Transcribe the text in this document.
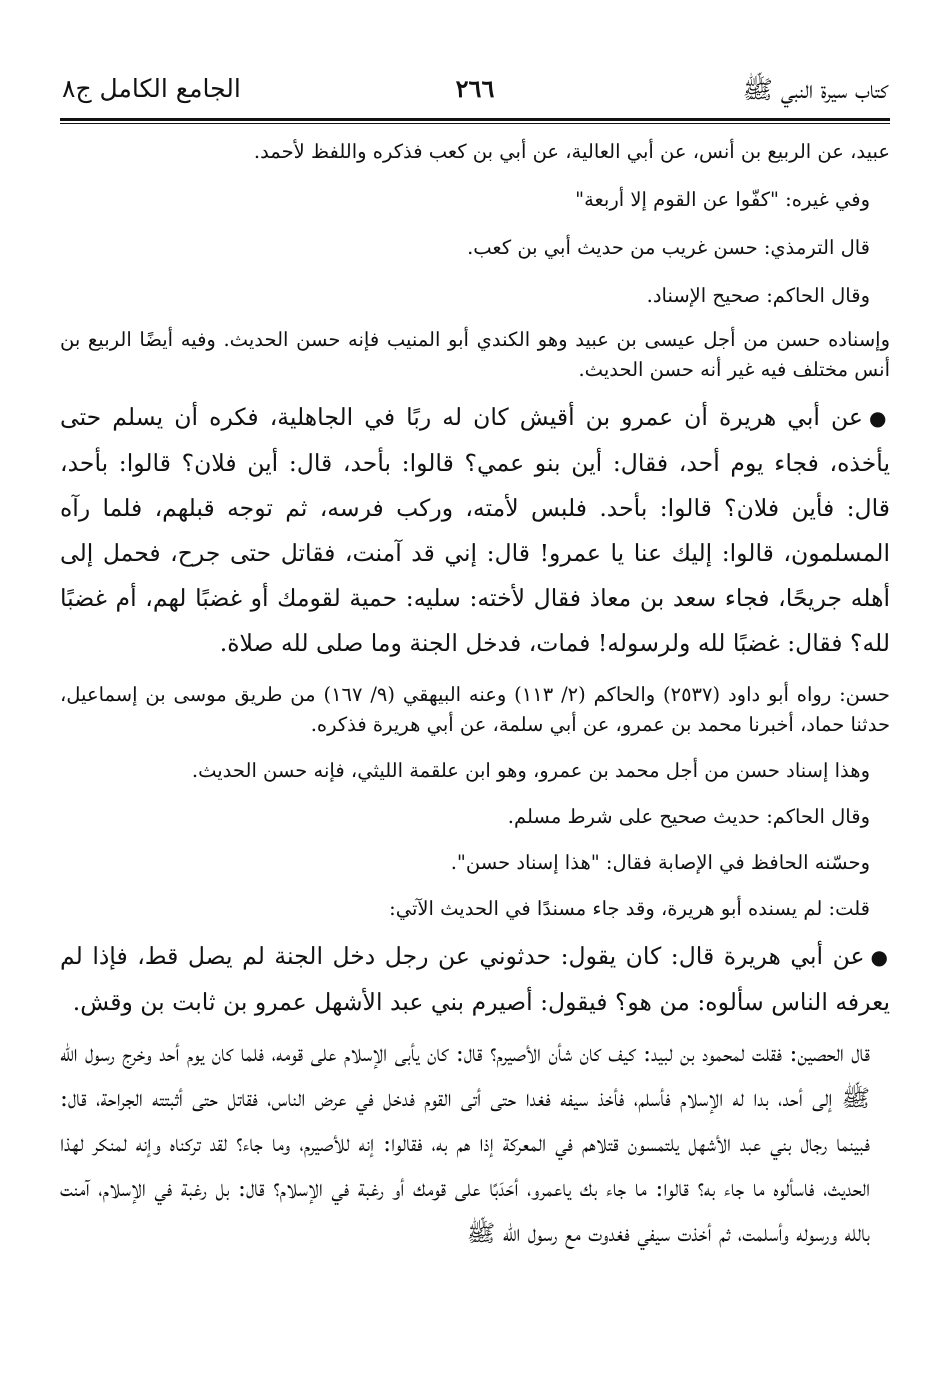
كتاب سيرة النبي ﷺ
٢٦٦
الجامع الكامل ج٨

عبيد، عن الربيع بن أنس، عن أبي العالية، عن أبي بن كعب فذكره واللفظ لأحمد.

وفي غيره: "كفّوا عن القوم إلا أربعة"

قال الترمذي: حسن غريب من حديث أبي بن كعب.

وقال الحاكم: صحيح الإسناد.

وإسناده حسن من أجل عيسى بن عبيد وهو الكندي أبو المنيب فإنه حسن الحديث. وفيه أيضًا الربيع بن أنس مختلف فيه غير أنه حسن الحديث.

●عن أبي هريرة أن عمرو بن أقيش كان له ربًا في الجاهلية، فكره أن يسلم حتى يأخذه، فجاء يوم أحد، فقال: أين بنو عمي؟ قالوا: بأحد، قال: أين فلان؟ قالوا: بأحد، قال: فأين فلان؟ قالوا: بأحد. فلبس لأمته، وركب فرسه، ثم توجه قبلهم، فلما رآه المسلمون، قالوا: إليك عنا يا عمرو! قال: إني قد آمنت، فقاتل حتى جرح، فحمل إلى أهله جريحًا، فجاء سعد بن معاذ فقال لأخته: سليه: حمية لقومك أو غضبًا لهم، أم غضبًا لله؟ فقال: غضبًا لله ولرسوله! فمات، فدخل الجنة وما صلى لله صلاة.

حسن: رواه أبو داود (٢٥٣٧) والحاكم (٢/ ١١٣) وعنه البيهقي (٩/ ١٦٧) من طريق موسى بن إسماعيل، حدثنا حماد، أخبرنا محمد بن عمرو، عن أبي سلمة، عن أبي هريرة فذكره.

وهذا إسناد حسن من أجل محمد بن عمرو، وهو ابن علقمة الليثي، فإنه حسن الحديث.

وقال الحاكم: حديث صحيح على شرط مسلم.

وحسّنه الحافظ في الإصابة فقال: "هذا إسناد حسن".

قلت: لم يسنده أبو هريرة، وقد جاء مسندًا في الحديث الآتي:

●عن أبي هريرة قال: كان يقول: حدثوني عن رجل دخل الجنة لم يصل قط، فإذا لم يعرفه الناس سألوه: من هو؟ فيقول: أصيرم بني عبد الأشهل عمرو بن ثابت بن وقش.

قال الحصين: فقلت لمحمود بن لبيد: كيف كان شأن الأصيرم؟ قال: كان يأبى الإسلام على قومه، فلما كان يوم أحد وخرج رسول الله ﷺ إلى أحد، بدا له الإسلام فأسلم، فأخذ سيفه فغدا حتى أتى القوم فدخل في عرض الناس، فقاتل حتى أثبتته الجراحة، قال: فبينما رجال بني عبد الأشهل يلتمسون قتلاهم في المعركة إذا هم به، فقالوا: إنه للأصيرم، وما جاء؟ لقد تركناه وإنه لمنكر لهذا الحديث، فاسألوه ما جاء به؟ قالوا: ما جاء بك ياعمرو، أحَدَبًا على قومك أو رغبة في الإسلام؟ قال: بل رغبة في الإسلام، آمنت بالله ورسوله وأسلمت، ثم أخذت سيفي فغدوت مع رسول الله ﷺ
